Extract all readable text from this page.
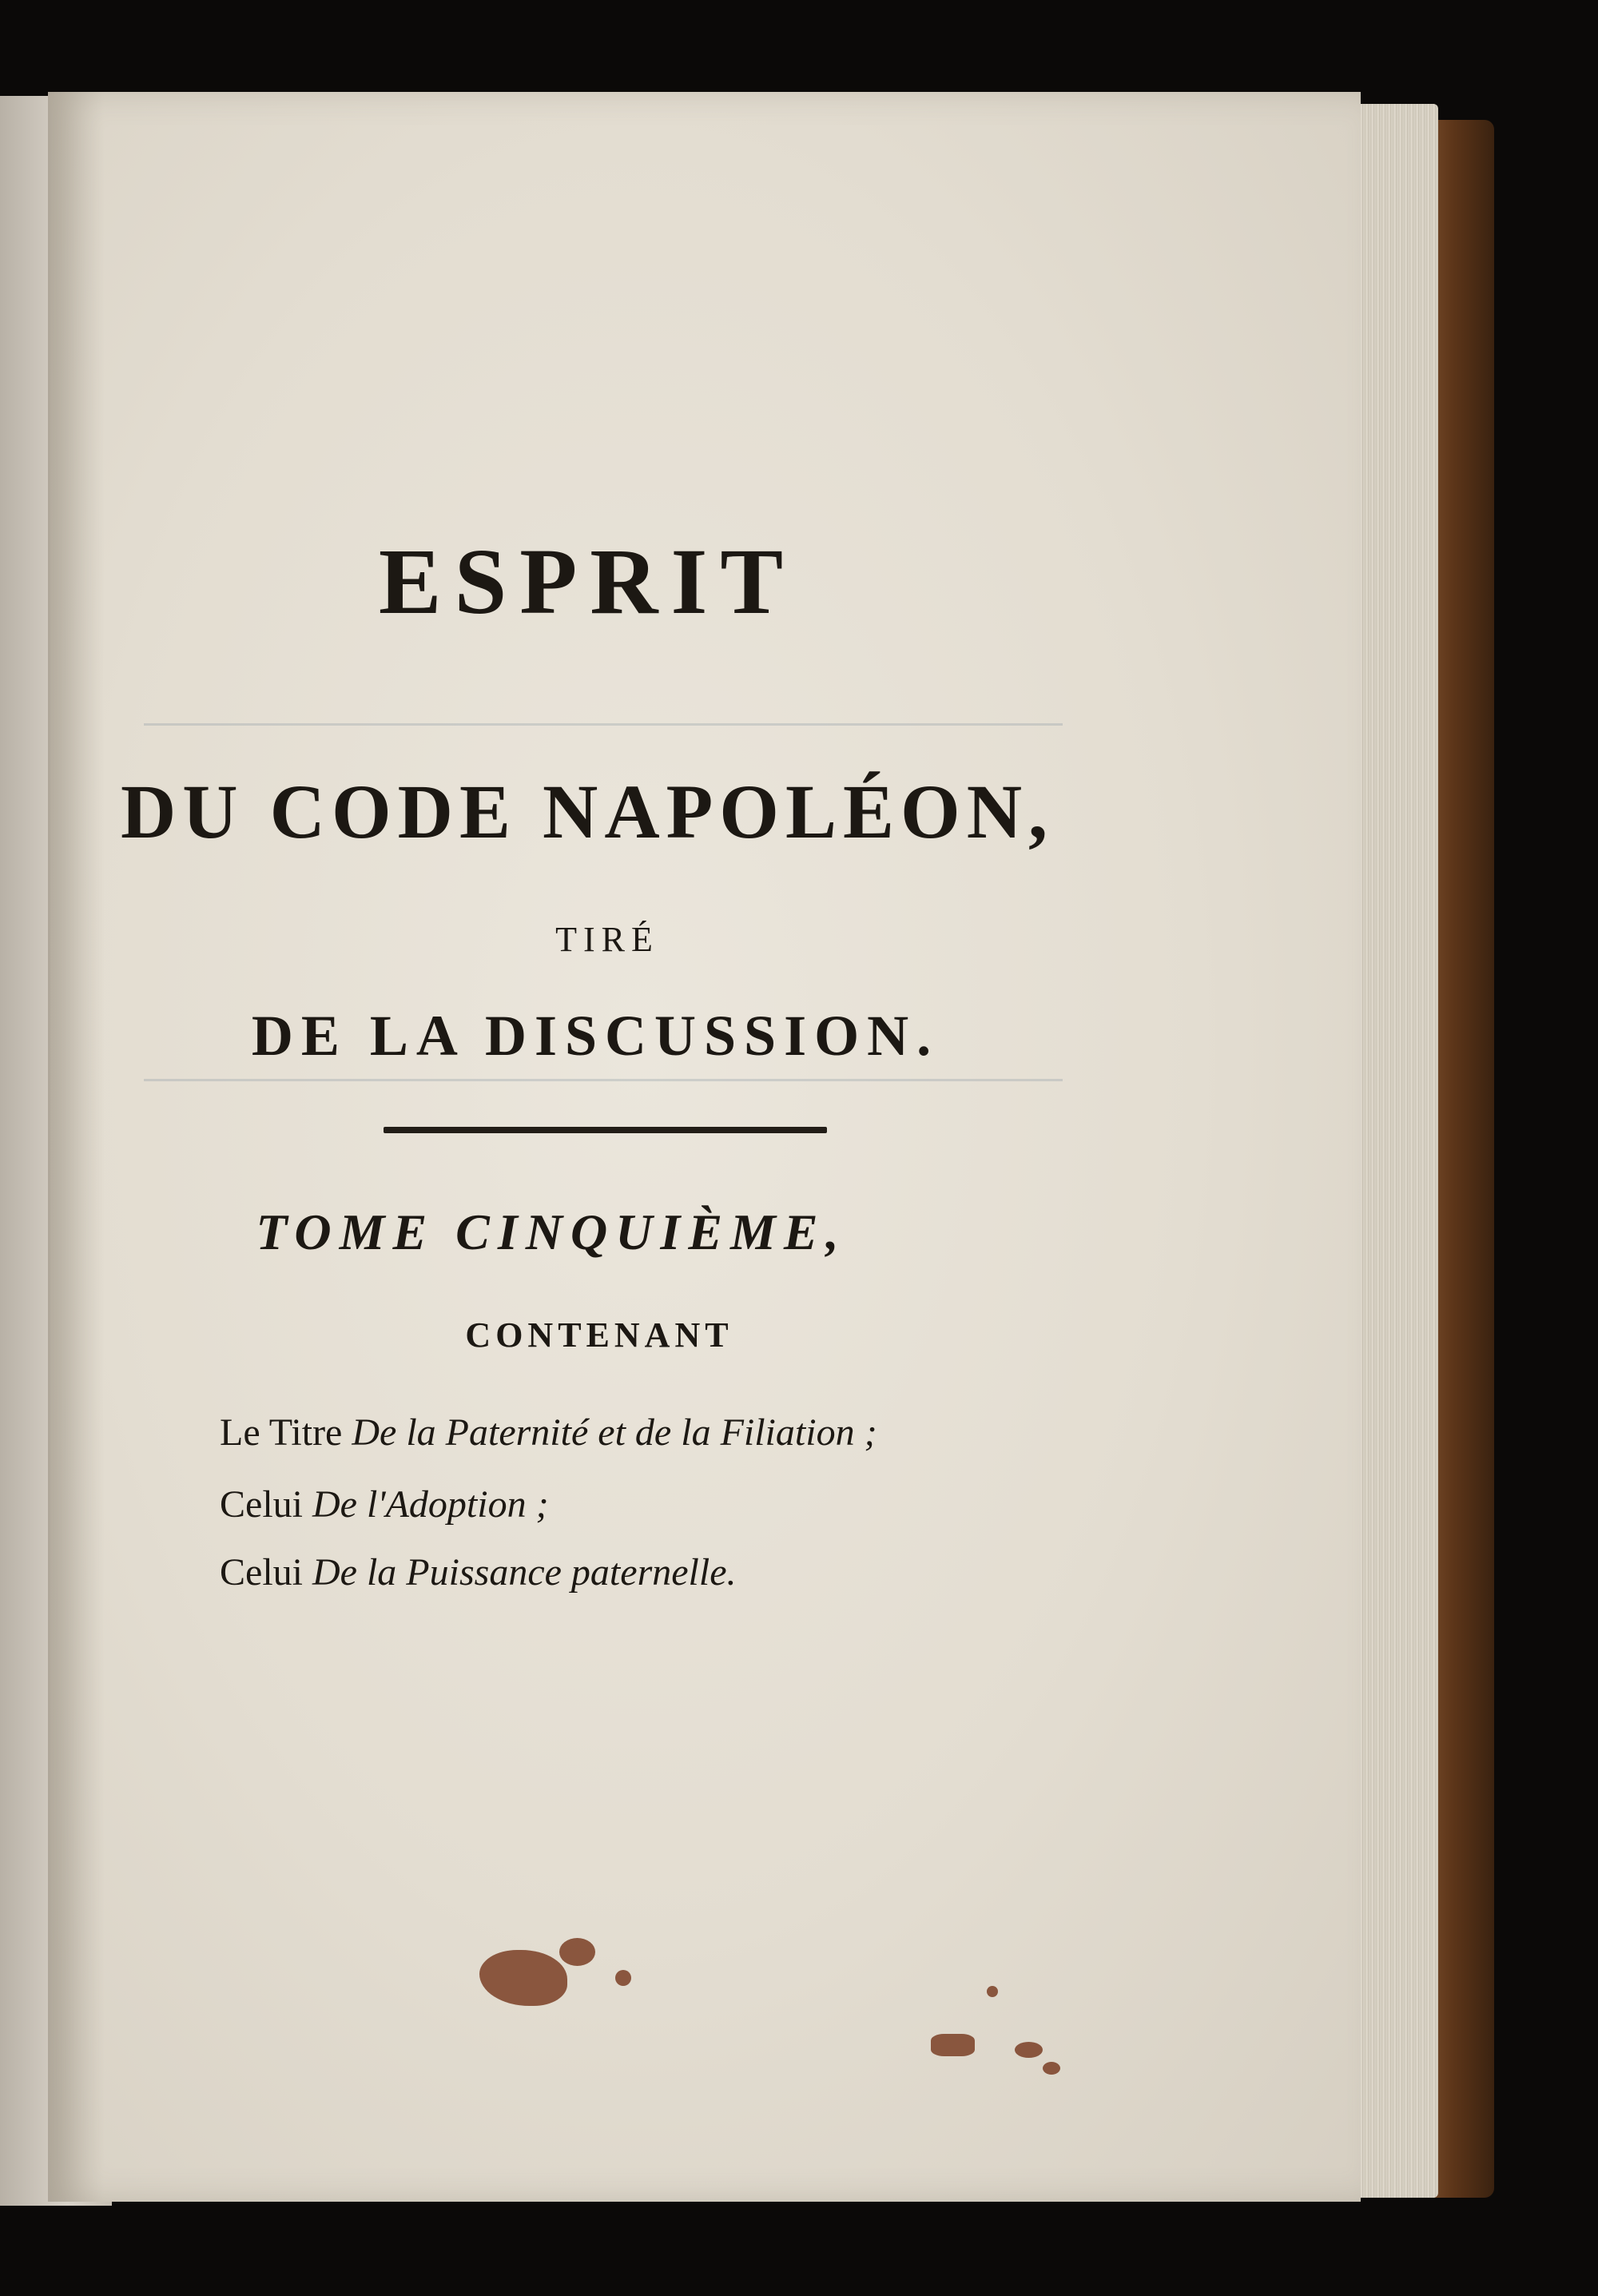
ESPRIT
DU CODE NAPOLÉON,
TIRÉ
DE LA DISCUSSION.
TOME CINQUIÈME,
CONTENANT
Le Titre De la Paternité et de la Filiation ;
Celui De l'Adoption ;
Celui De la Puissance paternelle.
